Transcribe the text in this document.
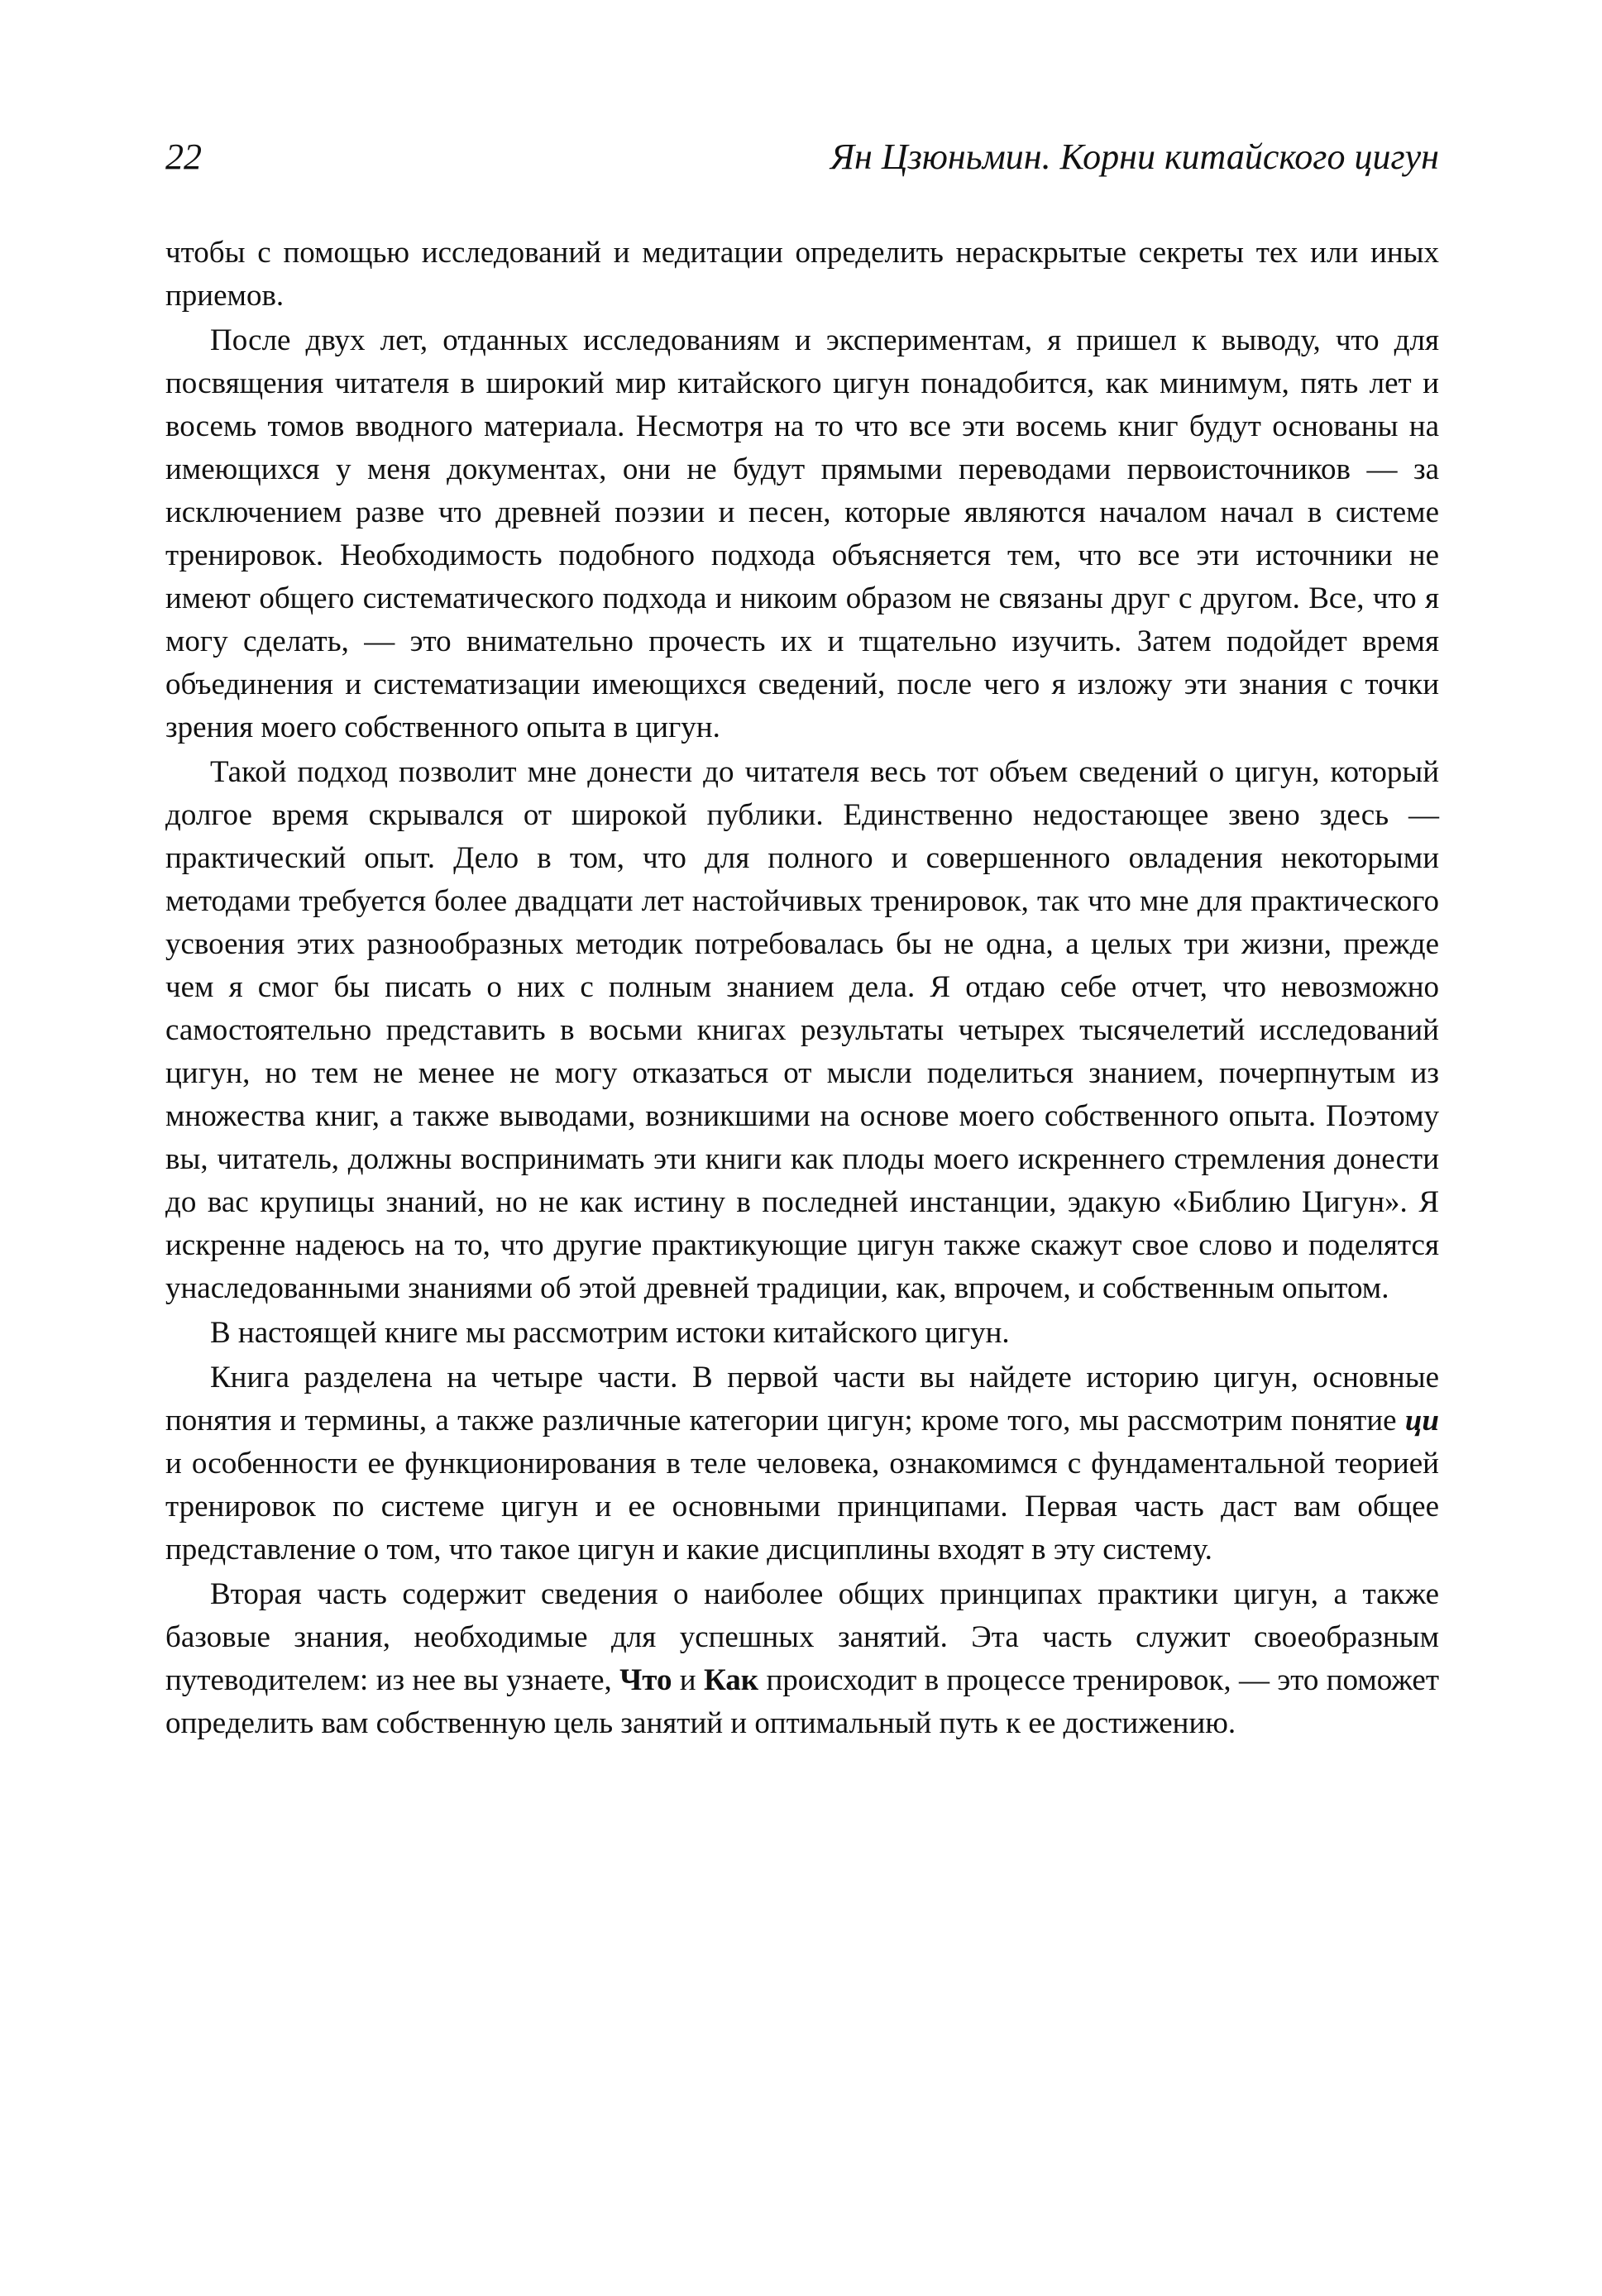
22	Ян Цзюньмин. Корни китайского цигун

чтобы с помощью исследований и медитации определить нераскрытые секреты тех или иных приемов.

После двух лет, отданных исследованиям и экспериментам, я пришел к выводу, что для посвящения читателя в широкий мир китайского цигун понадобится, как минимум, пять лет и восемь томов вводного материала. Несмотря на то что все эти восемь книг будут основаны на имеющихся у меня документах, они не будут прямыми переводами первоисточников — за исключением разве что древней поэзии и песен, которые являются началом начал в системе тренировок. Необходимость подобного подхода объясняется тем, что все эти источники не имеют общего систематического подхода и никоим образом не связаны друг с другом. Все, что я могу сделать, — это внимательно прочесть их и тщательно изучить. Затем подойдет время объединения и систематизации имеющихся сведений, после чего я изложу эти знания с точки зрения моего собственного опыта в цигун.

Такой подход позволит мне донести до читателя весь тот объем сведений о цигун, который долгое время скрывался от широкой публики. Единственно недостающее звено здесь — практический опыт. Дело в том, что для полного и совершенного овладения некоторыми методами требуется более двадцати лет настойчивых тренировок, так что мне для практического усвоения этих разнообразных методик потребовалась бы не одна, а целых три жизни, прежде чем я смог бы писать о них с полным знанием дела. Я отдаю себе отчет, что невозможно самостоятельно представить в восьми книгах результаты четырех тысячелетий исследований цигун, но тем не менее не могу отказаться от мысли поделиться знанием, почерпнутым из множества книг, а также выводами, возникшими на основе моего собственного опыта. Поэтому вы, читатель, должны воспринимать эти книги как плоды моего искреннего стремления донести до вас крупицы знаний, но не как истину в последней инстанции, эдакую «Библию Цигун». Я искренне надеюсь на то, что другие практикующие цигун также скажут свое слово и поделятся унаследованными знаниями об этой древней традиции, как, впрочем, и собственным опытом.

В настоящей книге мы рассмотрим истоки китайского цигун.

Книга разделена на четыре части. В первой части вы найдете историю цигун, основные понятия и термины, а также различные категории цигун; кроме того, мы рассмотрим понятие ци и особенности ее функционирования в теле человека, ознакомимся с фундаментальной теорией тренировок по системе цигун и ее основными принципами. Первая часть даст вам общее представление о том, что такое цигун и какие дисциплины входят в эту систему.

Вторая часть содержит сведения о наиболее общих принципах практики цигун, а также базовые знания, необходимые для успешных занятий. Эта часть служит своеобразным путеводителем: из нее вы узнаете, Что и Как происходит в процессе тренировок, — это поможет определить вам собственную цель занятий и оптимальный путь к ее достижению.
